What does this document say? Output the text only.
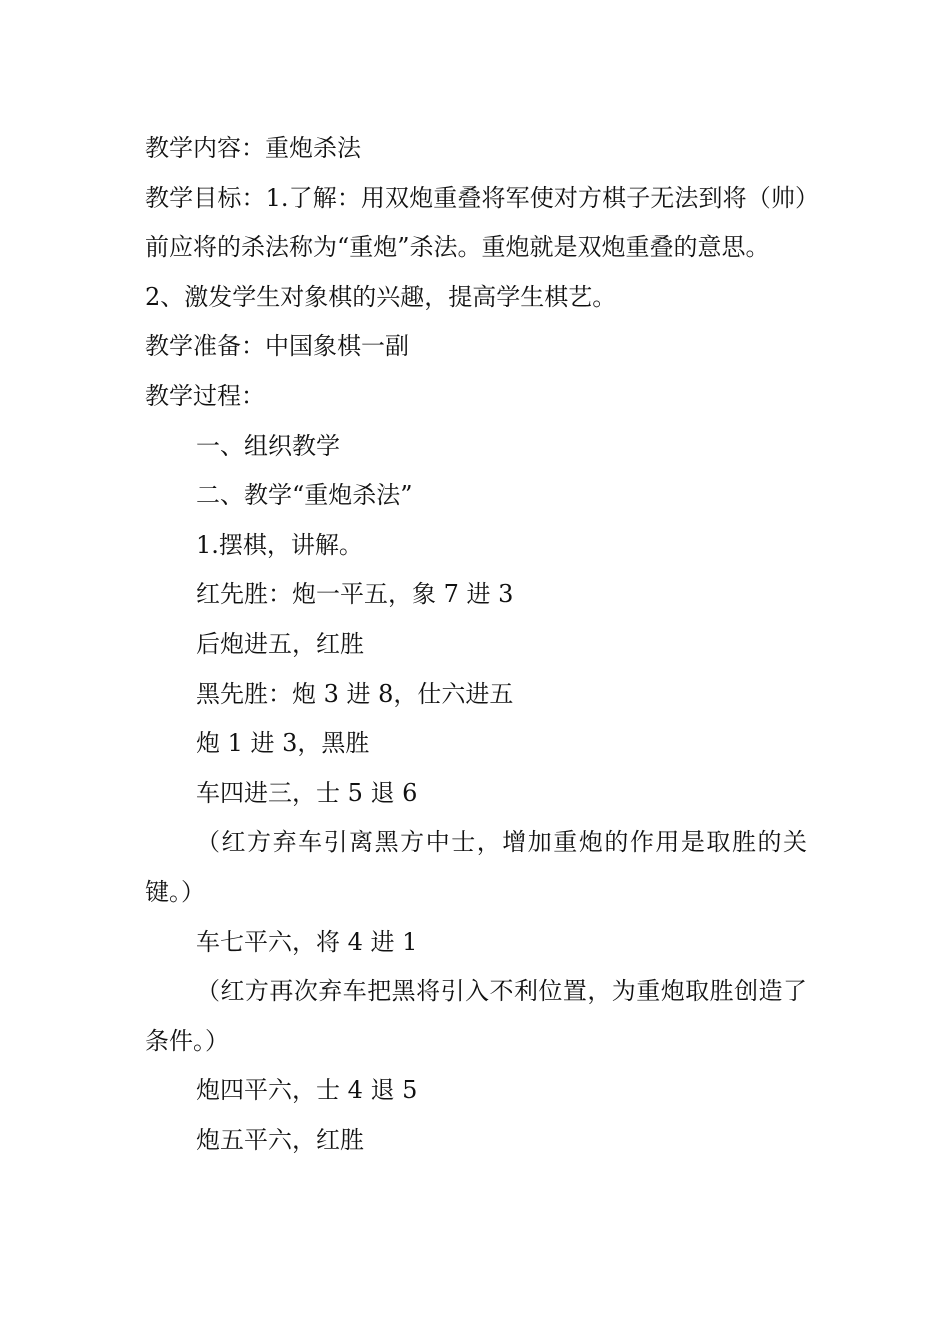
教学内容：重炮杀法

教学目标：1.了解：用双炮重叠将军使对方棋子无法到将（帅）前应将的杀法称为“重炮”杀法。重炮就是双炮重叠的意思。

2、激发学生对象棋的兴趣，提高学生棋艺。

教学准备：中国象棋一副

教学过程：

一、组织教学

二、教学“重炮杀法”

1.摆棋，讲解。

红先胜：炮一平五，象 7 进 3

后炮进五，红胜

黑先胜：炮 3 进 8，仕六进五

炮 1 进 3，黑胜

车四进三，士 5 退 6

（红方弃车引离黑方中士，增加重炮的作用是取胜的关键。）

车七平六，将 4 进 1

（红方再次弃车把黑将引入不利位置，为重炮取胜创造了条件。）

炮四平六，士 4 退 5

炮五平六，红胜
